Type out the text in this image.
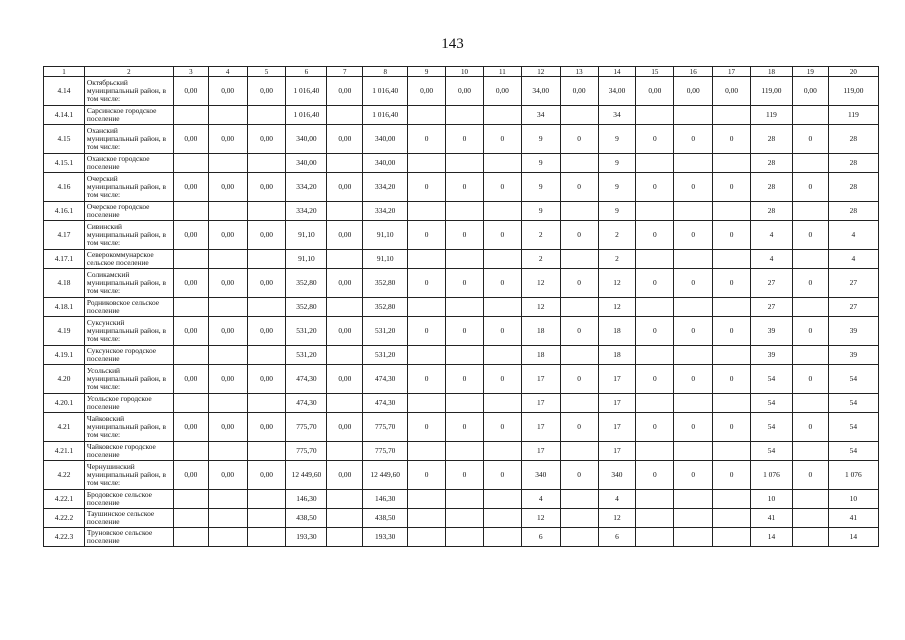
143
1	2	3	4	5	6	7	8	9	10	11	12	13	14	15	16	17	18	19	20
4.14	Октябрьский муниципальный район, в том числе:	0,00	0,00	0,00	1 016,40	0,00	1 016,40	0,00	0,00	0,00	34,00	0,00	34,00	0,00	0,00	0,00	119,00	0,00	119,00
4.14.1	Сарсинское городское поселение				1 016,40		1 016,40				34		34				119		119
4.15	Оханский муниципальный район, в том числе:	0,00	0,00	0,00	340,00	0,00	340,00	0	0	0	9	0	9	0	0	0	28	0	28
4.15.1	Оханское городское поселение				340,00		340,00				9		9				28		28
4.16	Очерский муниципальный район, в том числе:	0,00	0,00	0,00	334,20	0,00	334,20	0	0	0	9	0	9	0	0	0	28	0	28
4.16.1	Очерское городское поселение				334,20		334,20				9		9				28		28
4.17	Сивинский муниципальный район, в том числе:	0,00	0,00	0,00	91,10	0,00	91,10	0	0	0	2	0	2	0	0	0	4	0	4
4.17.1	Северокоммунарское сельское поселение				91,10		91,10				2		2				4		4
4.18	Соликамский муниципальный район, в том числе:	0,00	0,00	0,00	352,80	0,00	352,80	0	0	0	12	0	12	0	0	0	27	0	27
4.18.1	Родниковское сельское поселение				352,80		352,80				12		12				27		27
4.19	Суксунский муниципальный район, в том числе:	0,00	0,00	0,00	531,20	0,00	531,20	0	0	0	18	0	18	0	0	0	39	0	39
4.19.1	Суксунское городское поселение				531,20		531,20				18		18				39		39
4.20	Усольский муниципальный район, в том числе:	0,00	0,00	0,00	474,30	0,00	474,30	0	0	0	17	0	17	0	0	0	54	0	54
4.20.1	Усольское городское поселение				474,30		474,30				17		17				54		54
4.21	Чайковский муниципальный район, в том числе:	0,00	0,00	0,00	775,70	0,00	775,70	0	0	0	17	0	17	0	0	0	54	0	54
4.21.1	Чайковское городское поселение				775,70		775,70				17		17				54		54
4.22	Чернушинский муниципальный район, в том числе:	0,00	0,00	0,00	12 449,60	0,00	12 449,60	0	0	0	340	0	340	0	0	0	1 076	0	1 076
4.22.1	Бродовское сельское поселение				146,30		146,30				4		4				10		10
4.22.2	Таушинское сельское поселение				438,50		438,50				12		12				41		41
4.22.3	Труновское сельское поселение				193,30		193,30				6		6				14		14
